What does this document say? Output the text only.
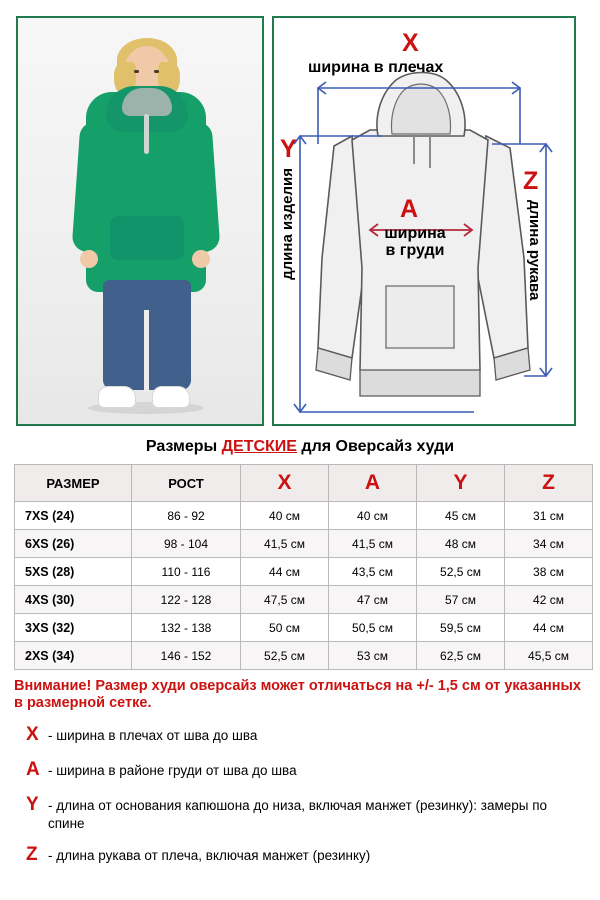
X
ширина в плечах
Y
длина изделия	Z
длина рукава
A
ширина
в груди
Размеры ДЕТСКИЕ для Оверсайз худи
РАЗМЕР	РОСТ	X	A	Y	Z
7XS (24)	86 - 92	40 см	40 см	45 см	31 см
6XS (26)	98 - 104	41,5 см	41,5 см	48 см	34 см
5XS (28)	110 - 116	44 см	43,5 см	52,5 см	38 см
4XS (30)	122 - 128	47,5 см	47 см	57 см	42 см
3XS (32)	132 - 138	50 см	50,5 см	59,5 см	44 см
2XS (34)	146 - 152	52,5 см	53 см	62,5 см	45,5 см
Внимание! Размер худи оверсайз может отличаться на +/- 1,5 см от указанных в размерной сетке.
X - ширина в плечах от шва до шва
A - ширина в районе груди от шва до шва
Y - длина от основания капюшона до низа, включая манжет (резинку): замеры по спине
Z - длина рукава от плеча, включая манжет (резинку)
